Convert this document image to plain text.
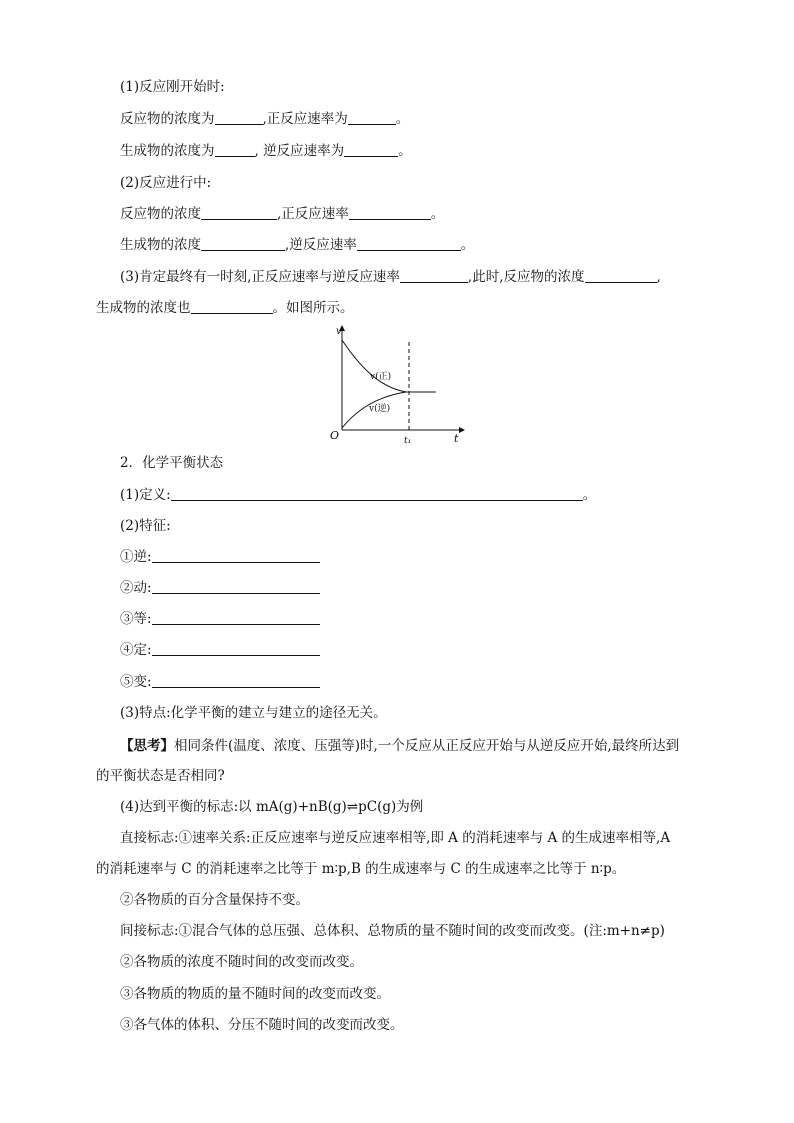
(1)反应刚开始时:
反应物的浓度为	,正反应速率为	。
生成物的浓度为	, 逆反应速率为	。
(2)反应进行中:
反应物的浓度	,正反应速率	。
生成物的浓度	,逆反应速率	。
(3)肯定最终有一时刻,正反应速率与逆反应速率	,此时,反应物的浓度	,
生成物的浓度也	。如图所示。
v
t
O	t₁
v(正)
v(逆)
2．化学平衡状态
(1)定义:	。
(2)特征:
①逆:
②动:
③等:
④定:
⑤变:
(3)特点:化学平衡的建立与建立的途径无关。
【思考】相同条件(温度、浓度、压强等)时,一个反应从正反应开始与从逆反应开始,最终所达到
的平衡状态是否相同?
(4)达到平衡的标志:以 mA(g)+nB(g)⇌pC(g)为例
直接标志:①速率关系:正反应速率与逆反应速率相等,即 A 的消耗速率与 A 的生成速率相等,A
的消耗速率与 C 的消耗速率之比等于 m∶p,B 的生成速率与 C 的生成速率之比等于 n∶p。
②各物质的百分含量保持不变。
间接标志:①混合气体的总压强、总体积、总物质的量不随时间的改变而改变。(注:m+n≠p)
②各物质的浓度不随时间的改变而改变。
③各物质的物质的量不随时间的改变而改变。
③各气体的体积、分压不随时间的改变而改变。
